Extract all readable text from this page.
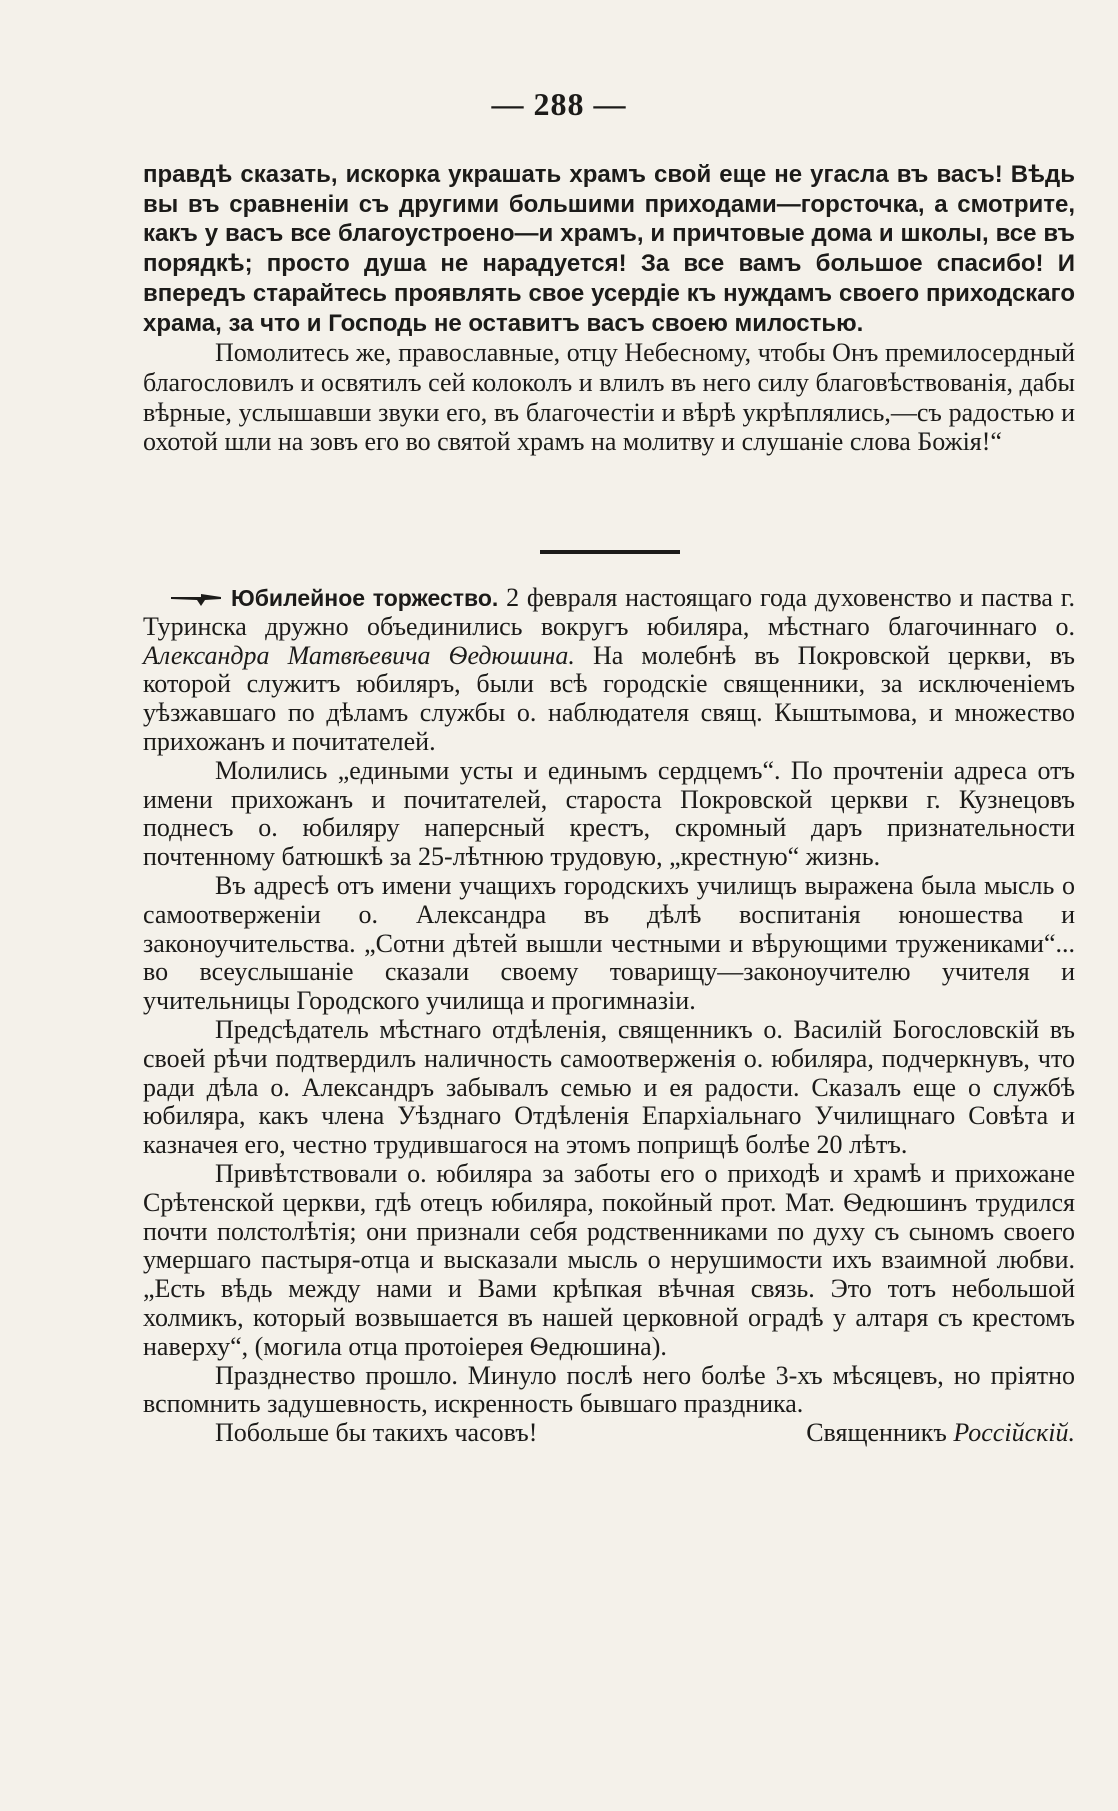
— 288 —

правдѣ сказать, искорка украшать храмъ свой еще не угасла въ васъ! Вѣдь вы въ сравненiи съ другими большими приходами—горсточка, а смотрите, какъ у васъ все благоустроено—и храмъ, и причтовые дома и школы, все въ порядкѣ; просто душа не нарадуется! За все вамъ большое спасибо! И впередъ старайтесь проявлять свое усердiе къ нуждамъ своего приходскаго храма, за что и Господь не оставитъ васъ своею милостью.

Помолитесь же, православные, отцу Небесному, чтобы Онъ премилосердный благословилъ и освятилъ сей колоколъ и влилъ въ него силу благовѣствованiя, дабы вѣрные, услышавши звуки его, въ благочестiи и вѣрѣ укрѣплялись,—съ радостью и охотой шли на зовъ его во святой храмъ на молитву и слушанiе слова Божiя!“

Юбилейное торжество. 2 февраля настоящаго года духовенство и паства г. Туринска дружно объединились вокругъ юбиляра, мѣстнаго благочиннаго о. Александра Матвѣевича Ѳедюшина. На молебнѣ въ Покровской церкви, въ которой служитъ юбиляръ, были всѣ городскiе священники, за исключенiемъ уѣзжавшаго по дѣламъ службы о. наблюдателя свящ. Кыштымова, и множество прихожанъ и почитателей.

Молились „едиными усты и единымъ сердцемъ“. По прочтенiи адреса отъ имени прихожанъ и почитателей, староста Покровской церкви г. Кузнецовъ поднесъ о. юбиляру наперсный крестъ, скромный даръ признательности почтенному батюшкѣ за 25-лѣтнюю трудовую, „крестную“ жизнь.

Въ адресѣ отъ имени учащихъ городскихъ училищъ выражена была мысль о самоотверженiи о. Александра въ дѣлѣ воспитанiя юношества и законоучительства. „Сотни дѣтей вышли честными и вѣрующими тружениками“... во всеуслышанiе сказали своему товарищу—законоучителю учителя и учительницы Городского училища и прогимназiи.

Предсѣдатель мѣстнаго отдѣленiя, священникъ о. Василiй Богословскiй въ своей рѣчи подтвердилъ наличность самоотверженiя о. юбиляра, подчеркнувъ, что ради дѣла о. Александръ забывалъ семью и ея радости. Сказалъ еще о службѣ юбиляра, какъ члена Уѣзднаго Отдѣленiя Епархiальнаго Училищнаго Совѣта и казначея его, честно трудившагося на этомъ поприщѣ болѣе 20 лѣтъ.

Привѣтствовали о. юбиляра за заботы его о приходѣ и храмѣ и прихожане Срѣтенской церкви, гдѣ отецъ юбиляра, покойный прот. Мат. Ѳедюшинъ трудился почти полстолѣтiя; они признали себя родственниками по духу съ сыномъ своего умершаго пастыря-отца и высказали мысль о нерушимости ихъ взаимной любви. „Есть вѣдь между нами и Вами крѣпкая вѣчная связь. Это тотъ небольшой холмикъ, который возвышается въ нашей церковной оградѣ у алтаря съ крестомъ наверху“, (могила отца протоiерея Ѳедюшина).

Празднество прошло. Минуло послѣ него болѣе 3-хъ мѣсяцевъ, но прiятно вспомнить задушевность, искренность бывшаго праздника.

Побольше бы такихъ часовъ!	Священникъ Россiйскiй.
